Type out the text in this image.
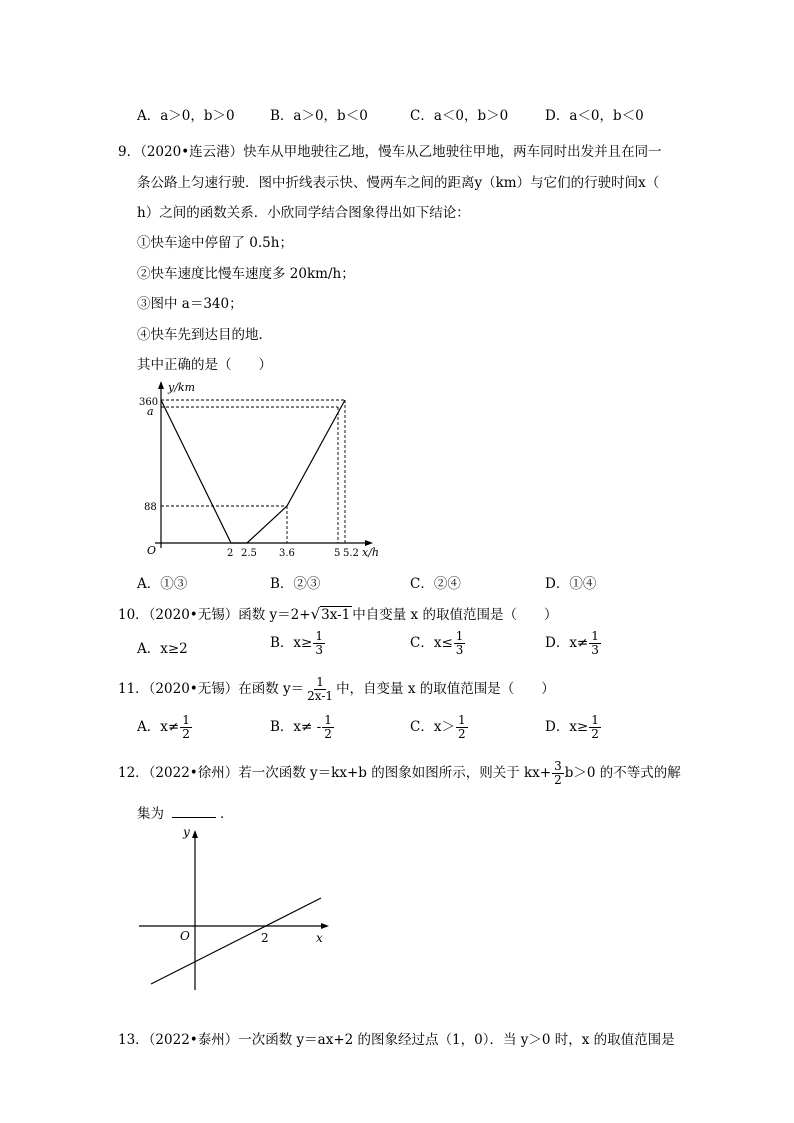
A．a＞0，b＞0	B．a＞0，b＜0	C．a＜0，b＞0	D．a＜0，b＜0
9．（2020•连云港）快车从甲地驶往乙地，慢车从乙地驶往甲地，两车同时出发并且在同一
条公路上匀速行驶．图中折线表示快、慢两车之间的距离y（km）与它们的行驶时间x（
h）之间的函数关系．小欣同学结合图象得出如下结论：
①快车途中停留了 0.5h；
②快车速度比慢车速度多 20km/h；
③图中 a＝340；
④快车先到达目的地．
其中正确的是（　　）
y/km
360
a
88
O	2 2.5 3.6	5 5.2 x/h
A．①③	B．②③	C．②④	D．①④
10．（2020•无锡）函数 y＝2+√3x-1 中自变量 x 的取值范围是（　　）
A．x≥2	B．$x\ge \frac{1}{3}$	C．$x\le \frac{1}{3}$	D．$x\ne \frac{1}{3}$
11．（2020•无锡）在函数 $y= \frac{1}{2x-1}$ 中，自变量 x 的取值范围是（　　）
A．$x\ne \frac{1}{2}$	B．$x\ne - \frac{1}{2}$	C．$x> \frac{1}{2}$	D．$x\ge \frac{1}{2}$
12．（2022•徐州）若一次函数 y＝kx+b 的图象如图所示，则关于 $kx+ \frac{3}{2} b>0$ 的不等式的解
集为	．
y
x
O	2
13．（2022•泰州）一次函数 y＝ax+2 的图象经过点（1，0）．当 y＞0 时，x 的取值范围是
